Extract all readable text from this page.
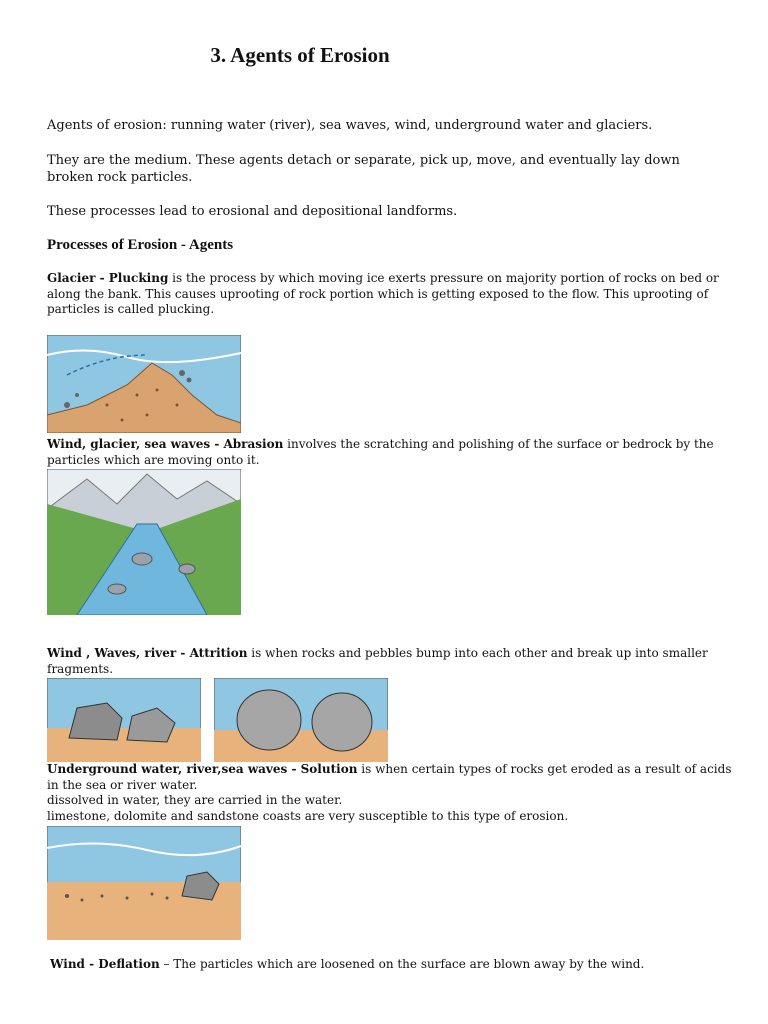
3. Agents of Erosion
Agents of erosion: running water (river), sea waves, wind, underground water and glaciers.
They are the medium. These agents detach or separate, pick up, move, and eventually lay down broken rock particles.
These processes lead to erosional and depositional landforms.
Processes of Erosion - Agents
Glacier - Plucking is the process by which moving ice exerts pressure on majority portion of rocks on bed or along the bank. This causes uprooting of rock portion which is getting exposed to the flow. This uprooting of particles is called plucking.
Wind, glacier, sea waves - Abrasion involves the scratching and polishing of the surface or bedrock by the particles which are moving onto it.
Wind , Waves, river - Attrition is when rocks and pebbles bump into each other and break up into smaller fragments.
Underground water, river,sea waves - Solution is when certain types of rocks get eroded as a result of acids in the sea or river water.
dissolved in water, they are carried in the water.
limestone, dolomite and sandstone coasts are very susceptible to this type of erosion.
Wind - Deflation – The particles which are loosened on the surface are blown away by the wind.
